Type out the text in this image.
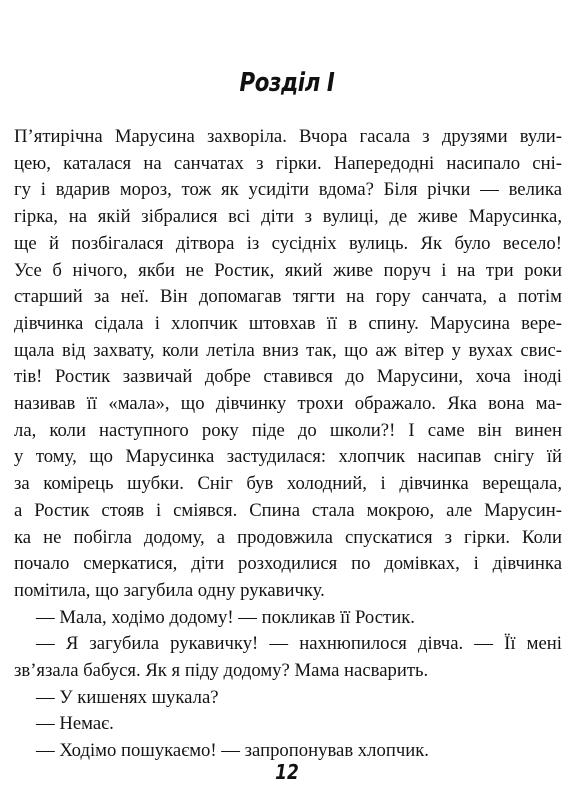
Розділ І
П’ятирічна Марусина захворіла. Вчора гасала з друзями вули-
цею, каталася на санчатах з гірки. Напередодні насипало сні-
гу і вдарив мороз, тож як усидіти вдома? Біля річки — велика
гірка, на якій зібралися всі діти з вулиці, де живе Марусинка,
ще й позбігалася дітвора із сусідніх вулиць. Як було весело!
Усе б нічого, якби не Ростик, який живе поруч і на три роки
старший за неї. Він допомагав тягти на гору санчата, а потім
дівчинка сідала і хлопчик штовхав її в спину. Марусина вере-
щала від захвату, коли летіла вниз так, що аж вітер у вухах свис-
тів! Ростик зазвичай добре ставився до Марусини, хоча іноді
називав її «мала», що дівчинку трохи ображало. Яка вона ма-
ла, коли наступного року піде до школи?! І саме він винен
у тому, що Марусинка застудилася: хлопчик насипав снігу їй
за комірець шубки. Сніг був холодний, і дівчинка верещала,
а Ростик стояв і сміявся. Спина стала мокрою, але Марусин-
ка не побігла додому, а продовжила спускатися з гірки. Коли
почало смеркатися, діти розходилися по домівках, і дівчинка
помітила, що загубила одну рукавичку.
— Мала, ходімо додому! — покликав її Ростик.
— Я загубила рукавичку! — нахнюпилося дівча. — Її мені
зв’язала бабуся. Як я піду додому? Мама насварить.
— У кишенях шукала?
— Немає.
— Ходімо пошукаємо! — запропонував хлопчик.
12
